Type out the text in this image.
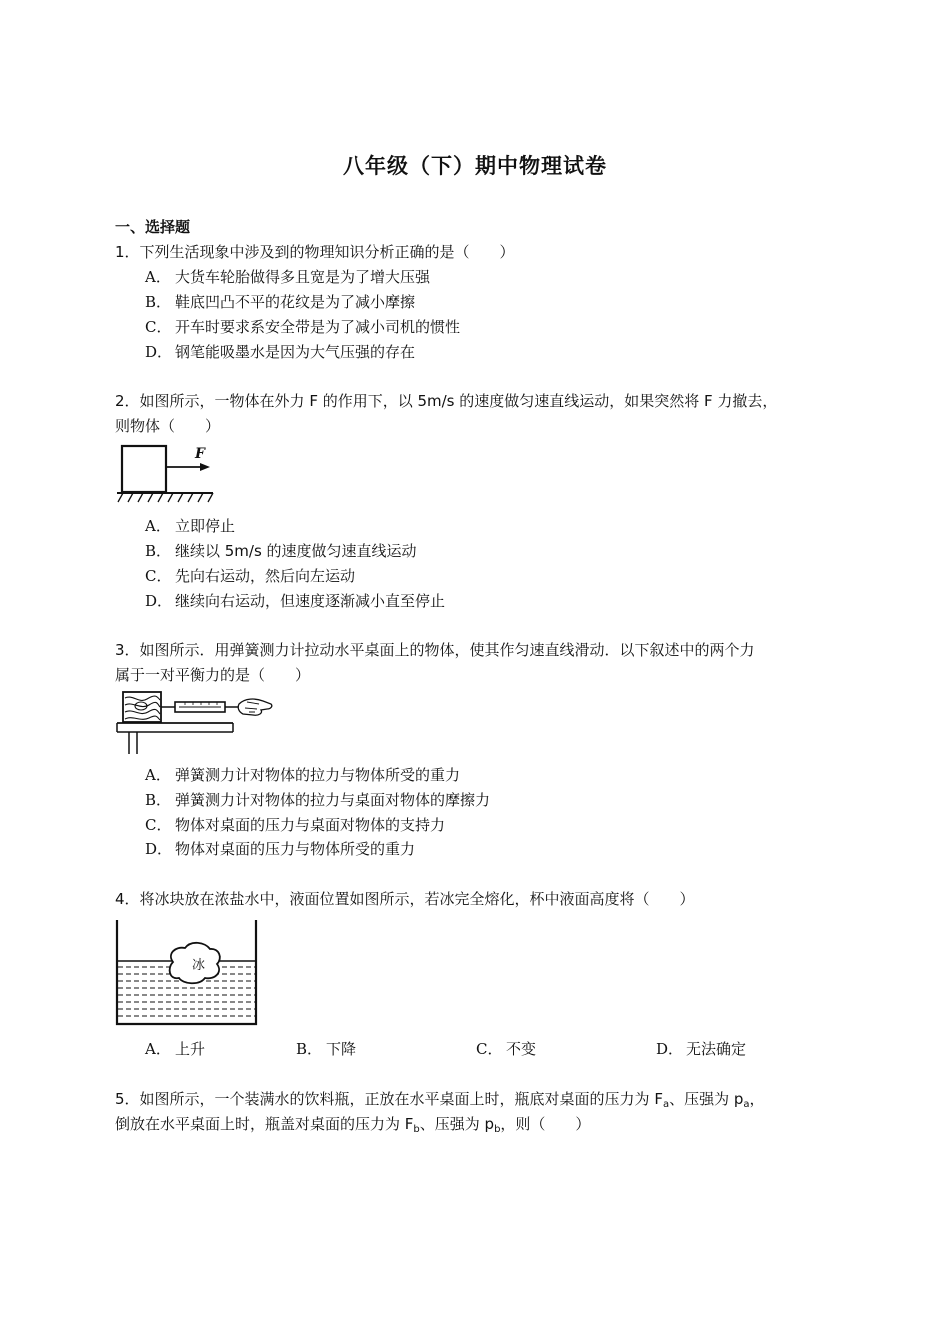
八年级（下）期中物理试卷
一、选择题
1．下列生活现象中涉及到的物理知识分析正确的是（　　）
A． 大货车轮胎做得多且宽是为了增大压强
B． 鞋底凹凸不平的花纹是为了减小摩擦
C． 开车时要求系安全带是为了减小司机的惯性
D． 钢笔能吸墨水是因为大气压强的存在
2．如图所示，一物体在外力 F 的作用下，以 5m/s 的速度做匀速直线运动，如果突然将 F 力撤去，
则物体（　　）
F
A． 立即停止
B． 继续以 5m/s 的速度做匀速直线运动
C． 先向右运动，然后向左运动
D． 继续向右运动，但速度逐渐减小直至停止
3．如图所示．用弹簧测力计拉动水平桌面上的物体，使其作匀速直线滑动．以下叙述中的两个力
属于一对平衡力的是（　　）
A． 弹簧测力计对物体的拉力与物体所受的重力
B． 弹簧测力计对物体的拉力与桌面对物体的摩擦力
C． 物体对桌面的压力与桌面对物体的支持力
D． 物体对桌面的压力与物体所受的重力
4．将冰块放在浓盐水中，液面位置如图所示，若冰完全熔化，杯中液面高度将（　　）
冰
A． 上升	B． 下降	C． 不变	D． 无法确定
5．如图所示，一个装满水的饮料瓶，正放在水平桌面上时，瓶底对桌面的压力为 $F_a$、压强为 $p_a$，
倒放在水平桌面上时，瓶盖对桌面的压力为 $F_b$、压强为 $p_b$，则（　　）
